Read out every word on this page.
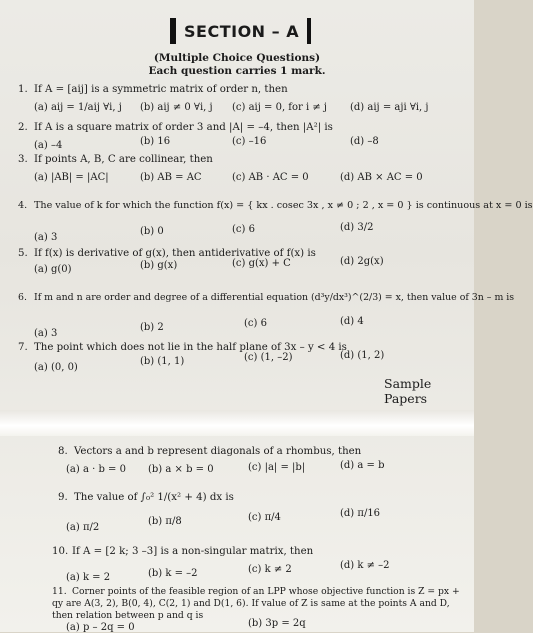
SECTION – A
(Multiple Choice Questions)
Each question carries 1 mark.
1. If A = [aij] is a symmetric matrix of order n, then
(a) aij = 1/aij ∀i, j (b) aij ≠ 0 ∀i, j (c) aij = 0, for i ≠ j (d) aij = aji ∀i, j
2. If A is a square matrix of order 3 and |A| = –4, then |A²| is
(a) –4	(b) 16	(c) –16	(d) –8
3. If points A, B, C are collinear, then
(a) |AB| = |AC|	(b) AB = AC	(c) AB · AC = 0	(d) AB × AC = 0
4. The value of k for which the function f(x) = { kx . cosec 3x , x ≠ 0 ; 2 , x = 0 } is continuous at x = 0 is
(a) 3
(b) 0	(c) 6	(d) 3/2
5. If f(x) is derivative of g(x), then antiderivative of f(x) is
(a) g(0)	(b) g(x)	(c) g(x) + C	(d) 2g(x)
6. If m and n are order and degree of a differential equation (d³y/dx³)^(2/3) = x, then value of 3n – m is
(a) 3
(b) 2	(c) 6	(d) 4
7. The point which does not lie in the half plane of 3x – y < 4 is
(a) (0, 0)
(b) (1, 1)	(c) (1, –2)	(d) (1, 2)
Sample Papers
8. Vectors a and b represent diagonals of a rhombus, then
(a) a · b = 0 (b) a × b = 0	(c) |a| = |b|	(d) a = b
9. The value of ∫₀² 1/(x² + 4) dx is
(a) π/2
(b) π/8	(c) π/4	(d) π/16
10. If A = [2 k; 3 –3] is a non-singular matrix, then
(a) k = 2	(b) k = –2	(c) k ≠ 2	(d) k ≠ –2
11. Corner points of the feasible region of an LPP whose objective function is Z = px + qy are A(3, 2), B(0, 4), C(2, 1) and D(1, 6). If value of Z is same at the points A and D, then relation between p and q is
(a) p – 2q = 0	(b) 3p = 2q
